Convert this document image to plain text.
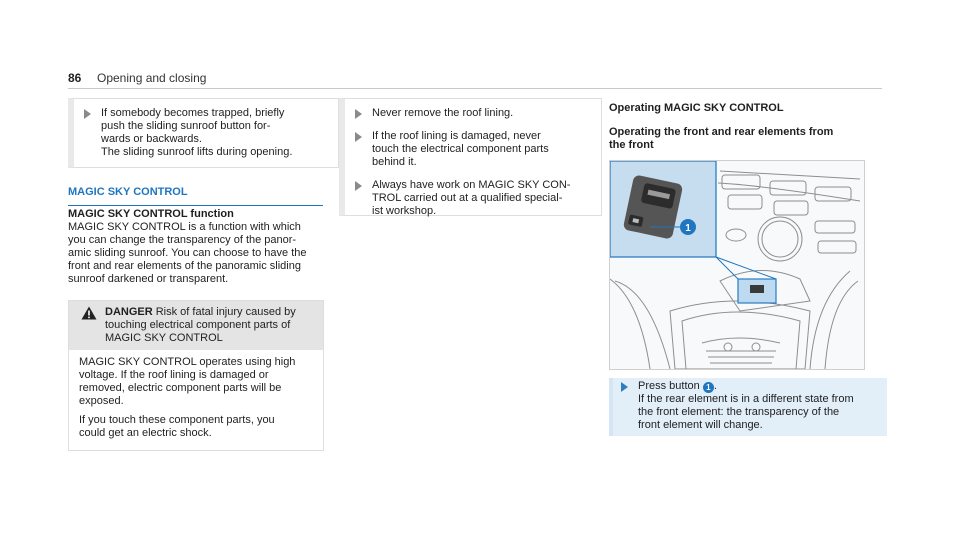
86 Opening and closing
If somebody becomes trapped, briefly
push the sliding sunroof button for-
wards or backwards.
The sliding sunroof lifts during opening.
MAGIC SKY CONTROL
MAGIC SKY CONTROL function
MAGIC SKY CONTROL is a function with which
you can change the transparency of the panor-
amic sliding sunroof. You can choose to have the
front and rear elements of the panoramic sliding
sunroof darkened or transparent.
DANGER Risk of fatal injury caused by
touching electrical component parts of
MAGIC SKY CONTROL

MAGIC SKY CONTROL operates using high
voltage. If the roof lining is damaged or
removed, electric component parts will be
exposed.

If you touch these component parts, you
could get an electric shock.

Never remove the roof lining.
If the roof lining is damaged, never
touch the electrical component parts
behind it.
Always have work on MAGIC SKY CON-
TROL carried out at a qualified special-
ist workshop.
Operating MAGIC SKY CONTROL
Operating the front and rear elements from
the front
1
Press button 1 .
If the rear element is in a different state from
the front element: the transparency of the
front element will change.
